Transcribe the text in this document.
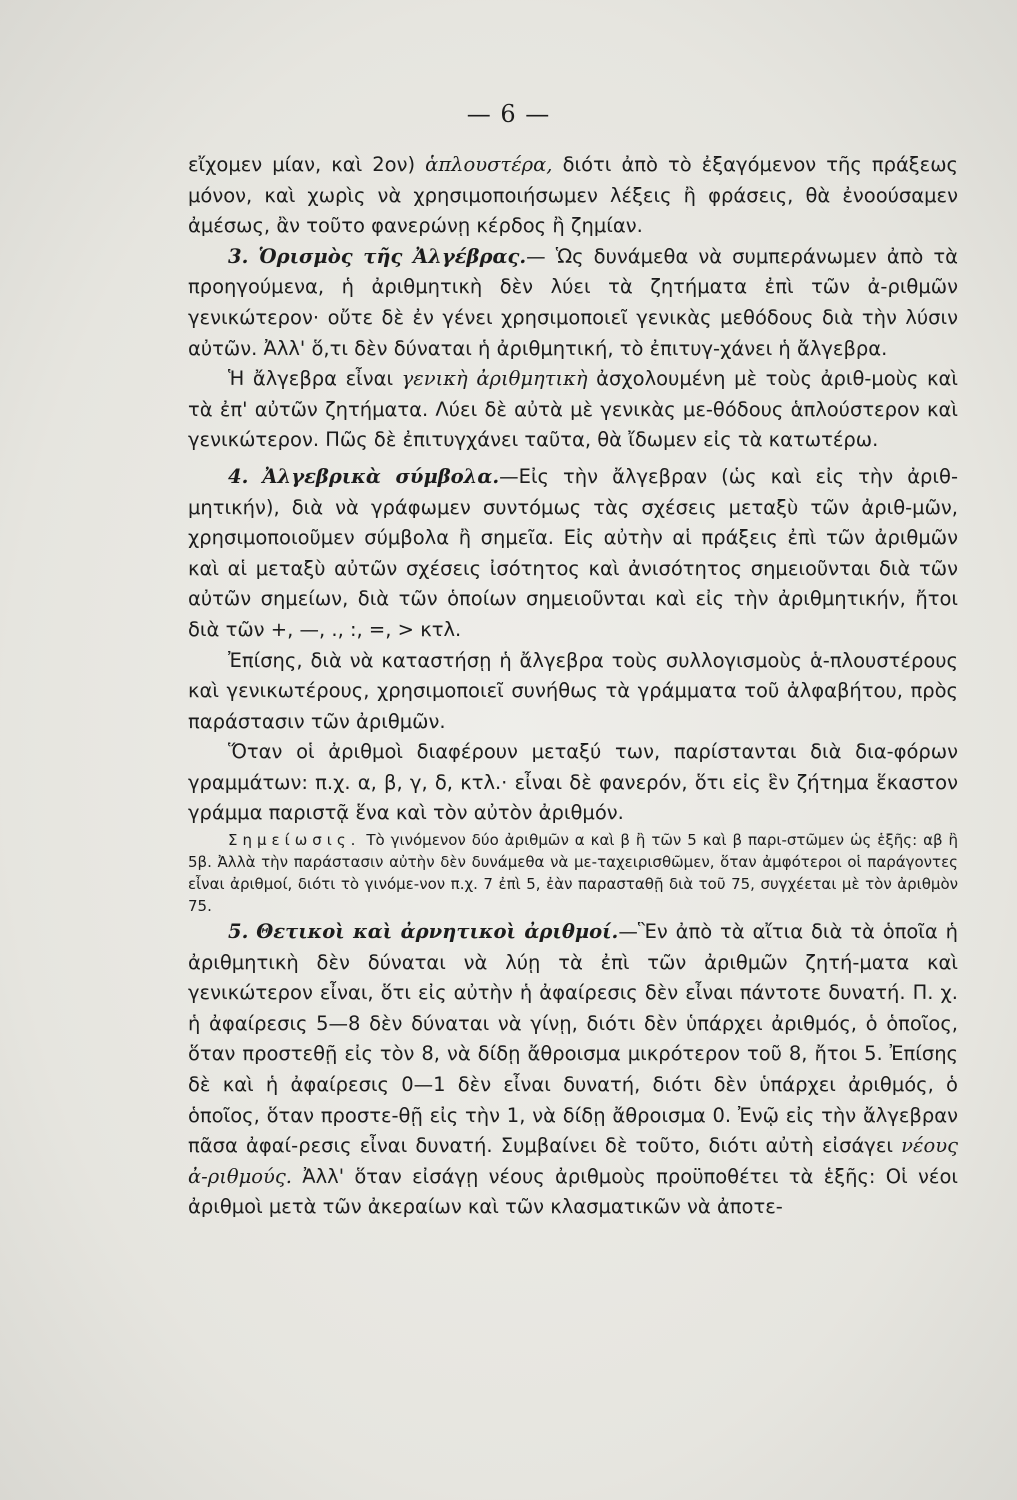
— 6 —

εἴχομεν μίαν, καὶ 2ον) ἁπλουστέρα, διότι ἀπὸ τὸ ἐξαγόμενον τῆς πράξεως μόνον, καὶ χωρὶς νὰ χρησιμοποιήσωμεν λέξεις ἢ φράσεις, θὰ ἐνοούσαμεν ἀμέσως, ἂν τοῦτο φανερώνῃ κέρδος ἢ ζημίαν.

3. Ὁρισμὸς τῆς Ἀλγέβρας.— Ὡς δυνάμεθα νὰ συμπεράνωμεν ἀπὸ τὰ προηγούμενα, ἡ ἀριθμητικὴ δὲν λύει τὰ ζητήματα ἐπὶ τῶν ἀ-ριθμῶν γενικώτερον· οὔτε δὲ ἐν γένει χρησιμοποιεῖ γενικὰς μεθόδους διὰ τὴν λύσιν αὐτῶν. Ἀλλ' ὅ,τι δὲν δύναται ἡ ἀριθμητική, τὸ ἐπιτυγ-χάνει ἡ ἄλγεβρα.

Ἡ ἄλγεβρα εἶναι γενικὴ ἀριθμητικὴ ἀσχολουμένη μὲ τοὺς ἀριθ-μοὺς καὶ τὰ ἐπ' αὐτῶν ζητήματα. Λύει δὲ αὐτὰ μὲ γενικὰς με-θόδους ἁπλούστερον καὶ γενικώτερον. Πῶς δὲ ἐπιτυγχάνει ταῦτα, θὰ ἴδωμεν εἰς τὰ κατωτέρω.

4. Ἀλγεβρικὰ σύμβολα.—Εἰς τὴν ἄλγεβραν (ὡς καὶ εἰς τὴν ἀριθ-μητικήν), διὰ νὰ γράφωμεν συντόμως τὰς σχέσεις μεταξὺ τῶν ἀριθ-μῶν, χρησιμοποιοῦμεν σύμβολα ἢ σημεῖα. Εἰς αὐτὴν αἱ πράξεις ἐπὶ τῶν ἀριθμῶν καὶ αἱ μεταξὺ αὐτῶν σχέσεις ἰσότητος καὶ ἀνισότητος σημειοῦνται διὰ τῶν αὐτῶν σημείων, διὰ τῶν ὁποίων σημειοῦνται καὶ εἰς τὴν ἀριθμητικήν, ἤτοι διὰ τῶν +, —, ., :, =, > κτλ.

Ἐπίσης, διὰ νὰ καταστήσῃ ἡ ἄλγεβρα τοὺς συλλογισμοὺς ἁ-πλουστέρους καὶ γενικωτέρους, χρησιμοποιεῖ συνήθως τὰ γράμματα τοῦ ἀλφαβήτου, πρὸς παράστασιν τῶν ἀριθμῶν.

Ὅταν οἱ ἀριθμοὶ διαφέρουν μεταξύ των, παρίστανται διὰ δια-φόρων γραμμάτων: π.χ. α, β, γ, δ, κτλ.· εἶναι δὲ φανερόν, ὅτι εἰς ἓν ζήτημα ἕκαστον γράμμα παριστᾷ ἕνα καὶ τὸν αὐτὸν ἀριθμόν.

Σημείωσις. Τὸ γινόμενον δύο ἀριθμῶν α καὶ β ἢ τῶν 5 καὶ β παρι-στῶμεν ὡς ἑξῆς: αβ ἢ 5β. Ἀλλὰ τὴν παράστασιν αὐτὴν δὲν δυνάμεθα νὰ με-ταχειρισθῶμεν, ὅταν ἀμφότεροι οἱ παράγοντες εἶναι ἀριθμοί, διότι τὸ γινόμε-νον π.χ. 7 ἐπὶ 5, ἐὰν παρασταθῇ διὰ τοῦ 75, συγχέεται μὲ τὸν ἀριθμὸν 75.

5. Θετικοὶ καὶ ἀρνητικοὶ ἀριθμοί.—Ἓν ἀπὸ τὰ αἴτια διὰ τὰ ὁποῖα ἡ ἀριθμητικὴ δὲν δύναται νὰ λύῃ τὰ ἐπὶ τῶν ἀριθμῶν ζητή-ματα καὶ γενικώτερον εἶναι, ὅτι εἰς αὐτὴν ἡ ἀφαίρεσις δὲν εἶναι πάντοτε δυνατή. Π. χ. ἡ ἀφαίρεσις 5—8 δὲν δύναται νὰ γίνῃ, διότι δὲν ὑπάρχει ἀριθμός, ὁ ὁποῖος, ὅταν προστεθῇ εἰς τὸν 8, νὰ δίδῃ ἄθροισμα μικρότερον τοῦ 8, ἤτοι 5. Ἐπίσης δὲ καὶ ἡ ἀφαίρεσις 0—1 δὲν εἶναι δυνατή, διότι δὲν ὑπάρχει ἀριθμός, ὁ ὁποῖος, ὅταν προστε-θῇ εἰς τὴν 1, νὰ δίδῃ ἄθροισμα 0. Ἐνῷ εἰς τὴν ἄλγεβραν πᾶσα ἀφαί-ρεσις εἶναι δυνατή. Συμβαίνει δὲ τοῦτο, διότι αὐτὴ εἰσάγει νέους ἀ-ριθμούς. Ἀλλ' ὅταν εἰσάγῃ νέους ἀριθμοὺς προϋποθέτει τὰ ἑξῆς: Οἱ νέοι ἀριθμοὶ μετὰ τῶν ἀκεραίων καὶ τῶν κλασματικῶν νὰ ἀποτε-
